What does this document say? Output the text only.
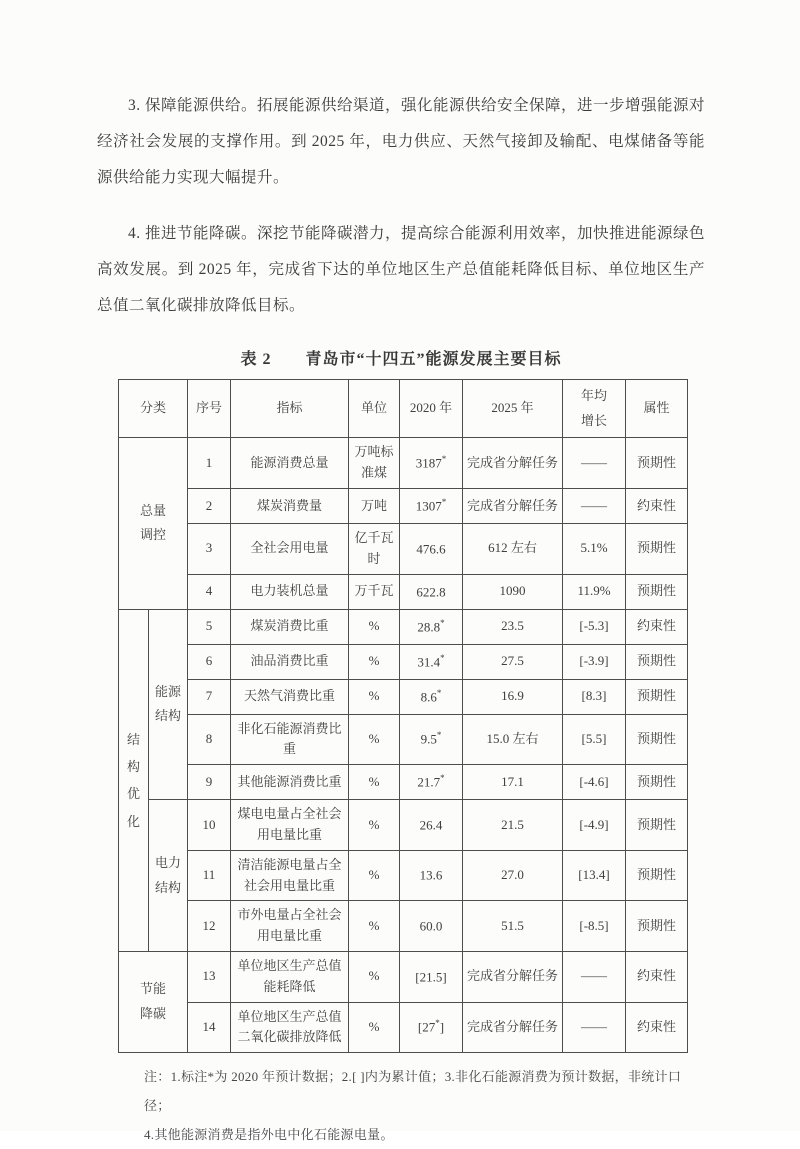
3. 保障能源供给。拓展能源供给渠道，强化能源供给安全保障，进一步增强能源对经济社会发展的支撑作用。到 2025 年，电力供应、天然气接卸及输配、电煤储备等能源供给能力实现大幅提升。

4. 推进节能降碳。深挖节能降碳潜力，提高综合能源利用效率，加快推进能源绿色高效发展。到 2025 年，完成省下达的单位地区生产总值能耗降低目标、单位地区生产总值二氧化碳排放降低目标。

表 2　　青岛市“十四五”能源发展主要目标
分类		序号	指标	单位	2020 年	2025 年	年均增长	属性
总量调控		1	能源消费总量	万吨标准煤	3187*	完成省分解任务	——	预期性
		2	煤炭消费量	万吨	1307*	完成省分解任务	——	约束性
		3	全社会用电量	亿千瓦时	476.6	612 左右	5.1%	预期性
		4	电力装机总量	万千瓦	622.8	1090	11.9%	预期性
结构优化	能源结构	5	煤炭消费比重	%	28.8*	23.5	[-5.3]	约束性
		6	油品消费比重	%	31.4*	27.5	[-3.9]	预期性
		7	天然气消费比重	%	8.6*	16.9	[8.3]	预期性
		8	非化石能源消费比重	%	9.5*	15.0 左右	[5.5]	预期性
		9	其他能源消费比重	%	21.7*	17.1	[-4.6]	预期性
	电力结构	10	煤电电量占全社会用电量比重	%	26.4	21.5	[-4.9]	预期性
		11	清洁能源电量占全社会用电量比重	%	13.6	27.0	[13.4]	预期性
		12	市外电量占全社会用电量比重	%	60.0	51.5	[-8.5]	预期性
节能降碳		13	单位地区生产总值能耗降低	%	[21.5]	完成省分解任务	——	约束性
		14	单位地区生产总值二氧化碳排放降低	%	[27*]	完成省分解任务	——	约束性
注：1.标注*为 2020 年预计数据；2.[ ]内为累计值；3.非化石能源消费为预计数据，非统计口径；
4.其他能源消费是指外电中化石能源电量。
